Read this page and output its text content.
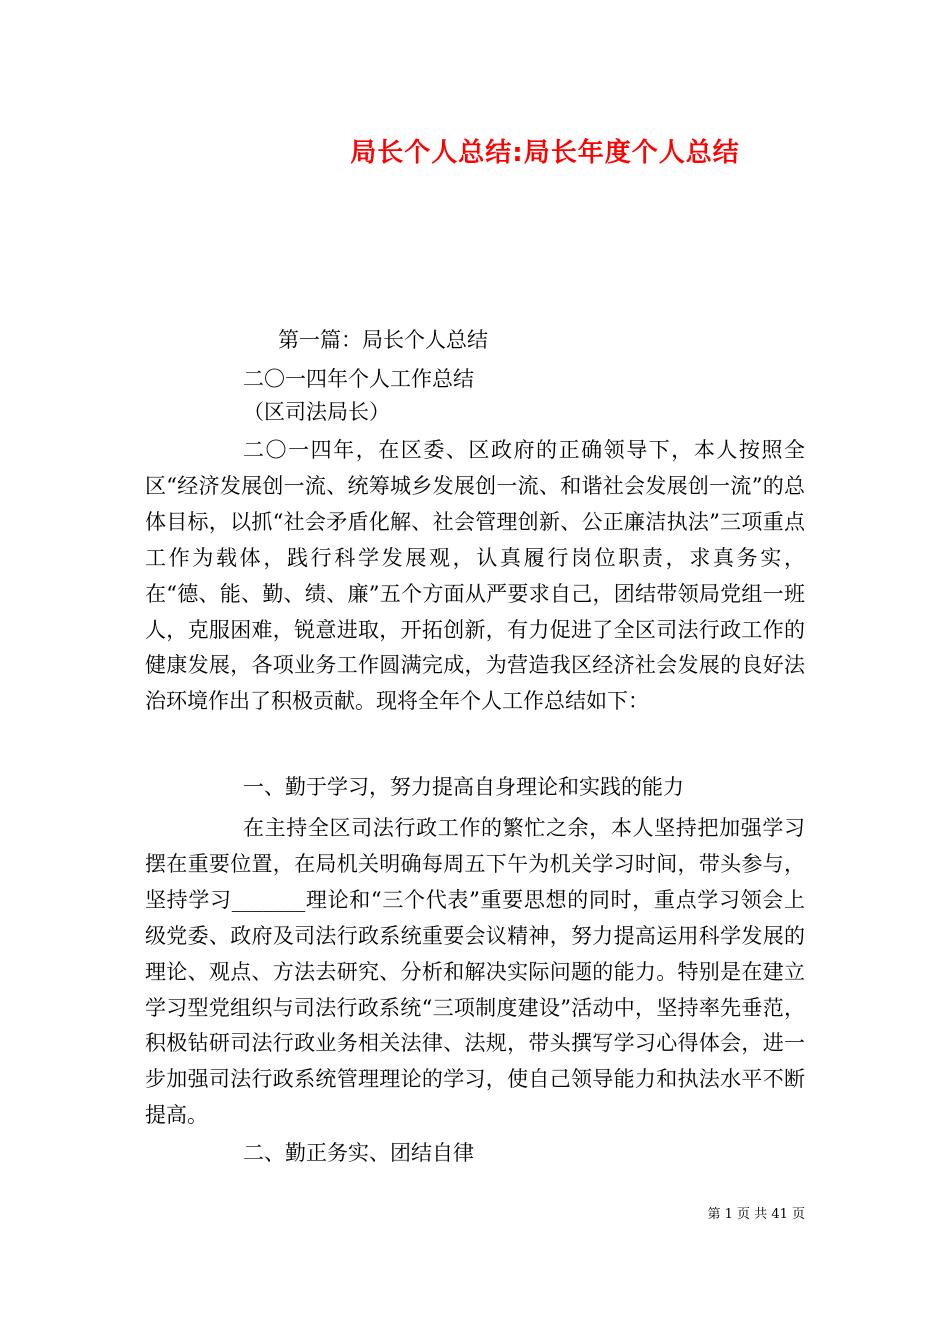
局长个人总结:局长年度个人总结
第一篇：局长个人总结
二〇一四年个人工作总结
（区司法局长）

二〇一四年，在区委、区政府的正确领导下，本人按照全区“经济发展创一流、统筹城乡发展创一流、和谐社会发展创一流”的总体目标，以抓“社会矛盾化解、社会管理创新、公正廉洁执法”三项重点工作为载体，践行科学发展观，认真履行岗位职责，求真务实，在“德、能、勤、绩、廉”五个方面从严要求自己，团结带领局党组一班人，克服困难，锐意进取，开拓创新，有力促进了全区司法行政工作的健康发展，各项业务工作圆满完成，为营造我区经济社会发展的良好法治环境作出了积极贡献。现将全年个人工作总结如下：

一、勤于学习，努力提高自身理论和实践的能力

在主持全区司法行政工作的繁忙之余，本人坚持把加强学习摆在重要位置，在局机关明确每周五下午为机关学习时间，带头参与，坚持学习_______理论和“三个代表”重要思想的同时，重点学习领会上级党委、政府及司法行政系统重要会议精神，努力提高运用科学发展的理论、观点、方法去研究、分析和解决实际问题的能力。特别是在建立学习型党组织与司法行政系统“三项制度建设”活动中，坚持率先垂范，积极钻研司法行政业务相关法律、法规，带头撰写学习心得体会，进一步加强司法行政系统管理理论的学习，使自己领导能力和执法水平不断提高。

二、勤正务实、团结自律
第 1 页 共 41 页
